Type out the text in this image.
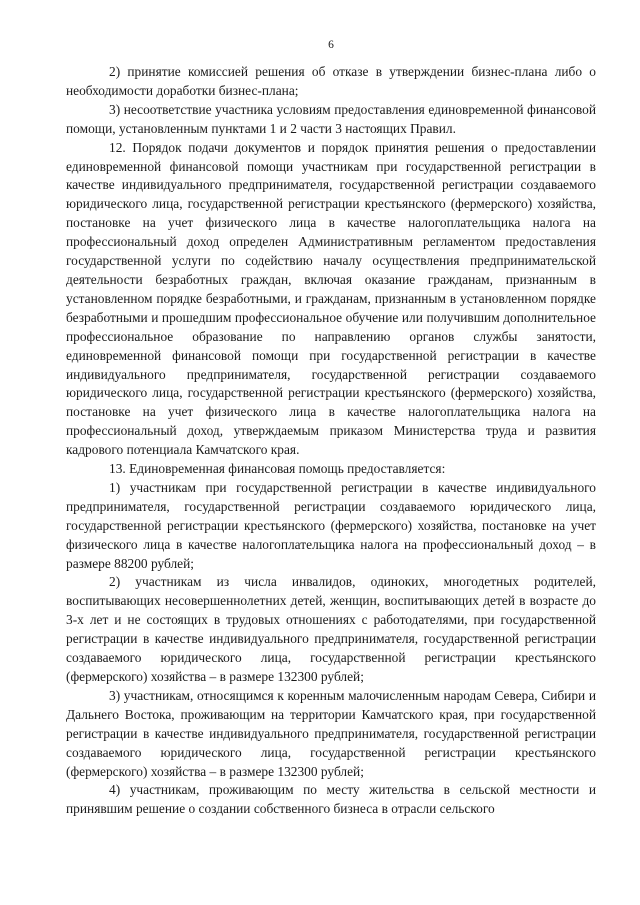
6

2) принятие комиссией решения об отказе в утверждении бизнес-плана либо о необходимости доработки бизнес-плана;

3) несоответствие участника условиям предоставления единовременной финансовой помощи, установленным пунктами 1 и 2 части 3 настоящих Правил.

12. Порядок подачи документов и порядок принятия решения о предоставлении единовременной финансовой помощи участникам при государственной регистрации в качестве индивидуального предпринимателя, государственной регистрации создаваемого юридического лица, государственной регистрации крестьянского (фермерского) хозяйства, постановке на учет физического лица в качестве налогоплательщика налога на профессиональный доход определен Административным регламентом предоставления государственной услуги по содействию началу осуществления предпринимательской деятельности безработных граждан, включая оказание гражданам, признанным в установленном порядке безработными, и гражданам, признанным в установленном порядке безработными и прошедшим профессиональное обучение или получившим дополнительное профессиональное образование по направлению органов службы занятости, единовременной финансовой помощи при государственной регистрации в качестве индивидуального предпринимателя, государственной регистрации создаваемого юридического лица, государственной регистрации крестьянского (фермерского) хозяйства, постановке на учет физического лица в качестве налогоплательщика налога на профессиональный доход, утверждаемым приказом Министерства труда и развития кадрового потенциала Камчатского края.

13. Единовременная финансовая помощь предоставляется:

1) участникам при государственной регистрации в качестве индивидуального предпринимателя, государственной регистрации создаваемого юридического лица, государственной регистрации крестьянского (фермерского) хозяйства, постановке на учет физического лица в качестве налогоплательщика налога на профессиональный доход – в размере 88200 рублей;

2) участникам из числа инвалидов, одиноких, многодетных родителей, воспитывающих несовершеннолетних детей, женщин, воспитывающих детей в возрасте до 3-х лет и не состоящих в трудовых отношениях с работодателями, при государственной регистрации в качестве индивидуального предпринимателя, государственной регистрации создаваемого юридического лица, государственной регистрации крестьянского (фермерского) хозяйства – в размере 132300 рублей;

3) участникам, относящимся к коренным малочисленным народам Севера, Сибири и Дальнего Востока, проживающим на территории Камчатского края, при государственной регистрации в качестве индивидуального предпринимателя, государственной регистрации создаваемого юридического лица, государственной регистрации крестьянского (фермерского) хозяйства – в размере 132300 рублей;

4) участникам, проживающим по месту жительства в сельской местности и принявшим решение о создании собственного бизнеса в отрасли сельского
